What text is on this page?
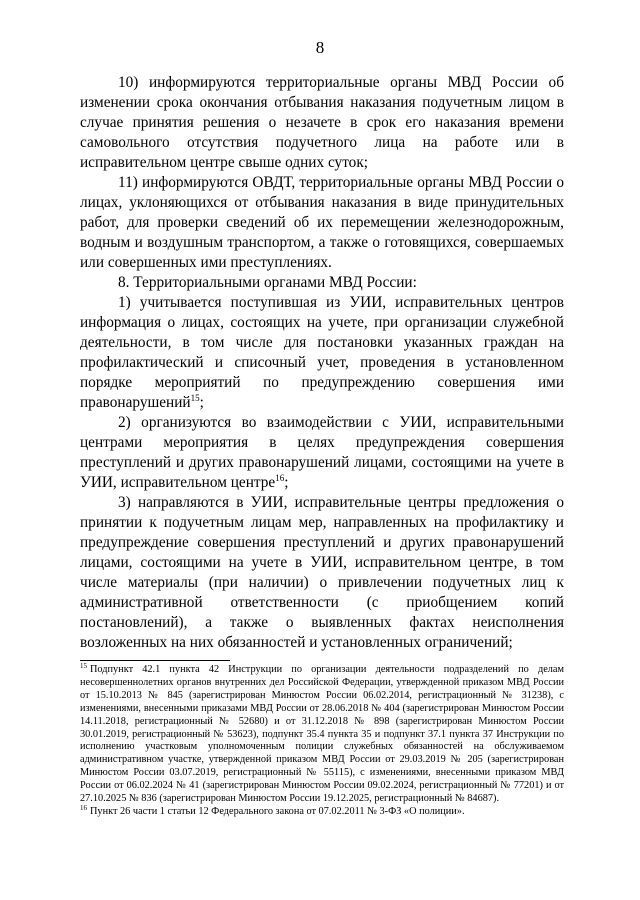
8

10) информируются территориальные органы МВД России об изменении срока окончания отбывания наказания подучетным лицом в случае принятия решения о незачете в срок его наказания времени самовольного отсутствия подучетного лица на работе или в исправительном центре свыше одних суток;

11) информируются ОВДТ, территориальные органы МВД России о лицах, уклоняющихся от отбывания наказания в виде принудительных работ, для проверки сведений об их перемещении железнодорожным, водным и воздушным транспортом, а также о готовящихся, совершаемых или совершенных ими преступлениях.

8. Территориальными органами МВД России:

1) учитывается поступившая из УИИ, исправительных центров информация о лицах, состоящих на учете, при организации служебной деятельности, в том числе для постановки указанных граждан на профилактический и списочный учет, проведения в установленном порядке мероприятий по предупреждению совершения ими правонарушений$^{15}$;

2) организуются во взаимодействии с УИИ, исправительными центрами мероприятия в целях предупреждения совершения преступлений и других правонарушений лицами, состоящими на учете в УИИ, исправительном центре$^{16}$;

3) направляются в УИИ, исправительные центры предложения о принятии к подучетным лицам мер, направленных на профилактику и предупреждение совершения преступлений и других правонарушений лицами, состоящими на учете в УИИ, исправительном центре, в том числе материалы (при наличии) о привлечении подучетных лиц к административной ответственности (с приобщением копий постановлений), а также о выявленных фактах неисполнения возложенных на них обязанностей и установленных ограничений;

$^{15}$ Подпункт 42.1 пункта 42 Инструкции по организации деятельности подразделений по делам несовершеннолетних органов внутренних дел Российской Федерации, утвержденной приказом МВД России от 15.10.2013 № 845 (зарегистрирован Минюстом России 06.02.2014, регистрационный № 31238), с изменениями, внесенными приказами МВД России от 28.06.2018 № 404 (зарегистрирован Минюстом России 14.11.2018, регистрационный № 52680) и от 31.12.2018 № 898 (зарегистрирован Минюстом России 30.01.2019, регистрационный № 53623), подпункт 35.4 пункта 35 и подпункт 37.1 пункта 37 Инструкции по исполнению участковым уполномоченным полиции служебных обязанностей на обслуживаемом административном участке, утвержденной приказом МВД России от 29.03.2019 № 205 (зарегистрирован Минюстом России 03.07.2019, регистрационный № 55115), с изменениями, внесенными приказом МВД России от 06.02.2024 № 41 (зарегистрирован Минюстом России 09.02.2024, регистрационный № 77201) и от 27.10.2025 № 836 (зарегистрирован Минюстом России 19.12.2025, регистрационный № 84687).

$^{16}$ Пункт 26 части 1 статьи 12 Федерального закона от 07.02.2011 № 3-ФЗ «О полиции».
